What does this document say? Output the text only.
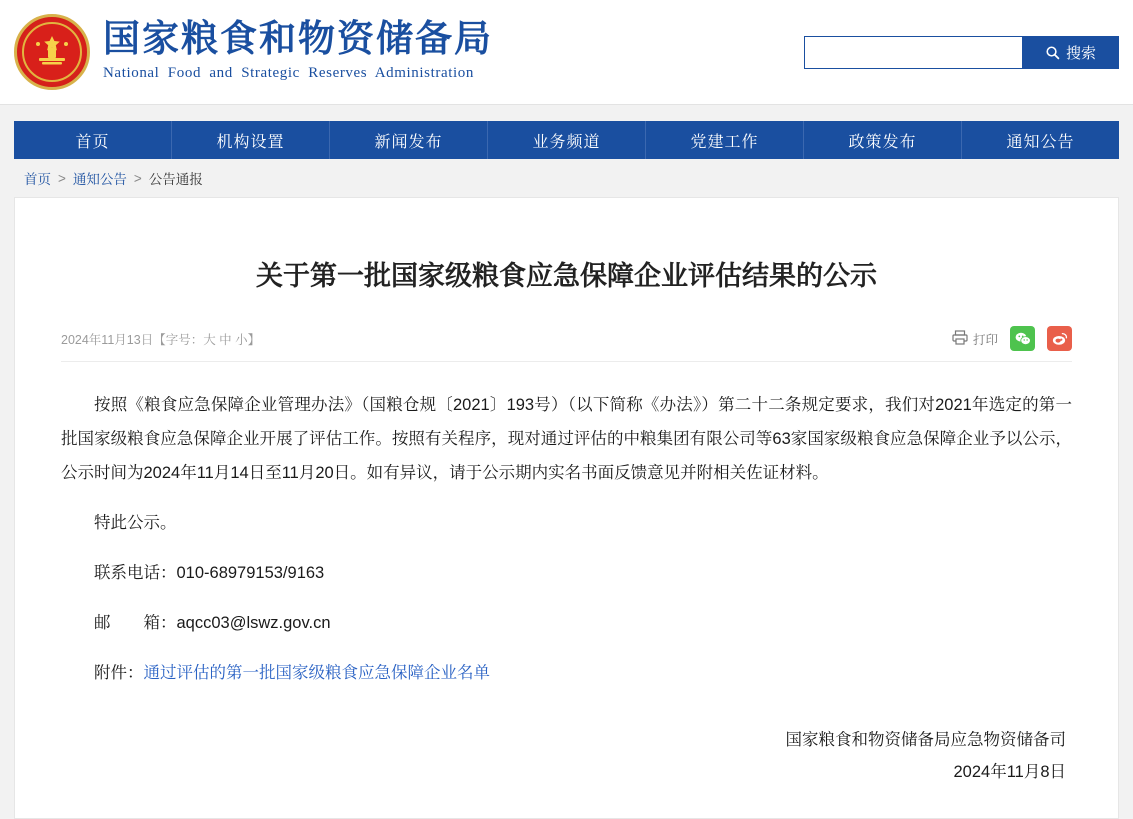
国家粮食和物资储备局
National Food and Strategic Reserves Administration
搜索
首页	机构设置	新闻发布	业务频道	党建工作	政策发布	通知公告
首页 > 通知公告 > 公告通报
关于第一批国家级粮食应急保障企业评估结果的公示
2024年11月13日【字号：大 中 小】	打印

按照《粮食应急保障企业管理办法》（国粮仓规〔2021〕193号）（以下简称《办法》）第二十二条规定要求，我们对2021年选定的第一批国家级粮食应急保障企业开展了评估工作。按照有关程序，现对通过评估的中粮集团有限公司等63家国家级粮食应急保障企业予以公示，公示时间为2024年11月14日至11月20日。如有异议，请于公示期内实名书面反馈意见并附相关佐证材料。

特此公示。

联系电话：010-68979153/9163

邮　　箱：aqcc03@lswz.gov.cn

附件：通过评估的第一批国家级粮食应急保障企业名单

国家粮食和物资储备局应急物资储备司
2024年11月8日
